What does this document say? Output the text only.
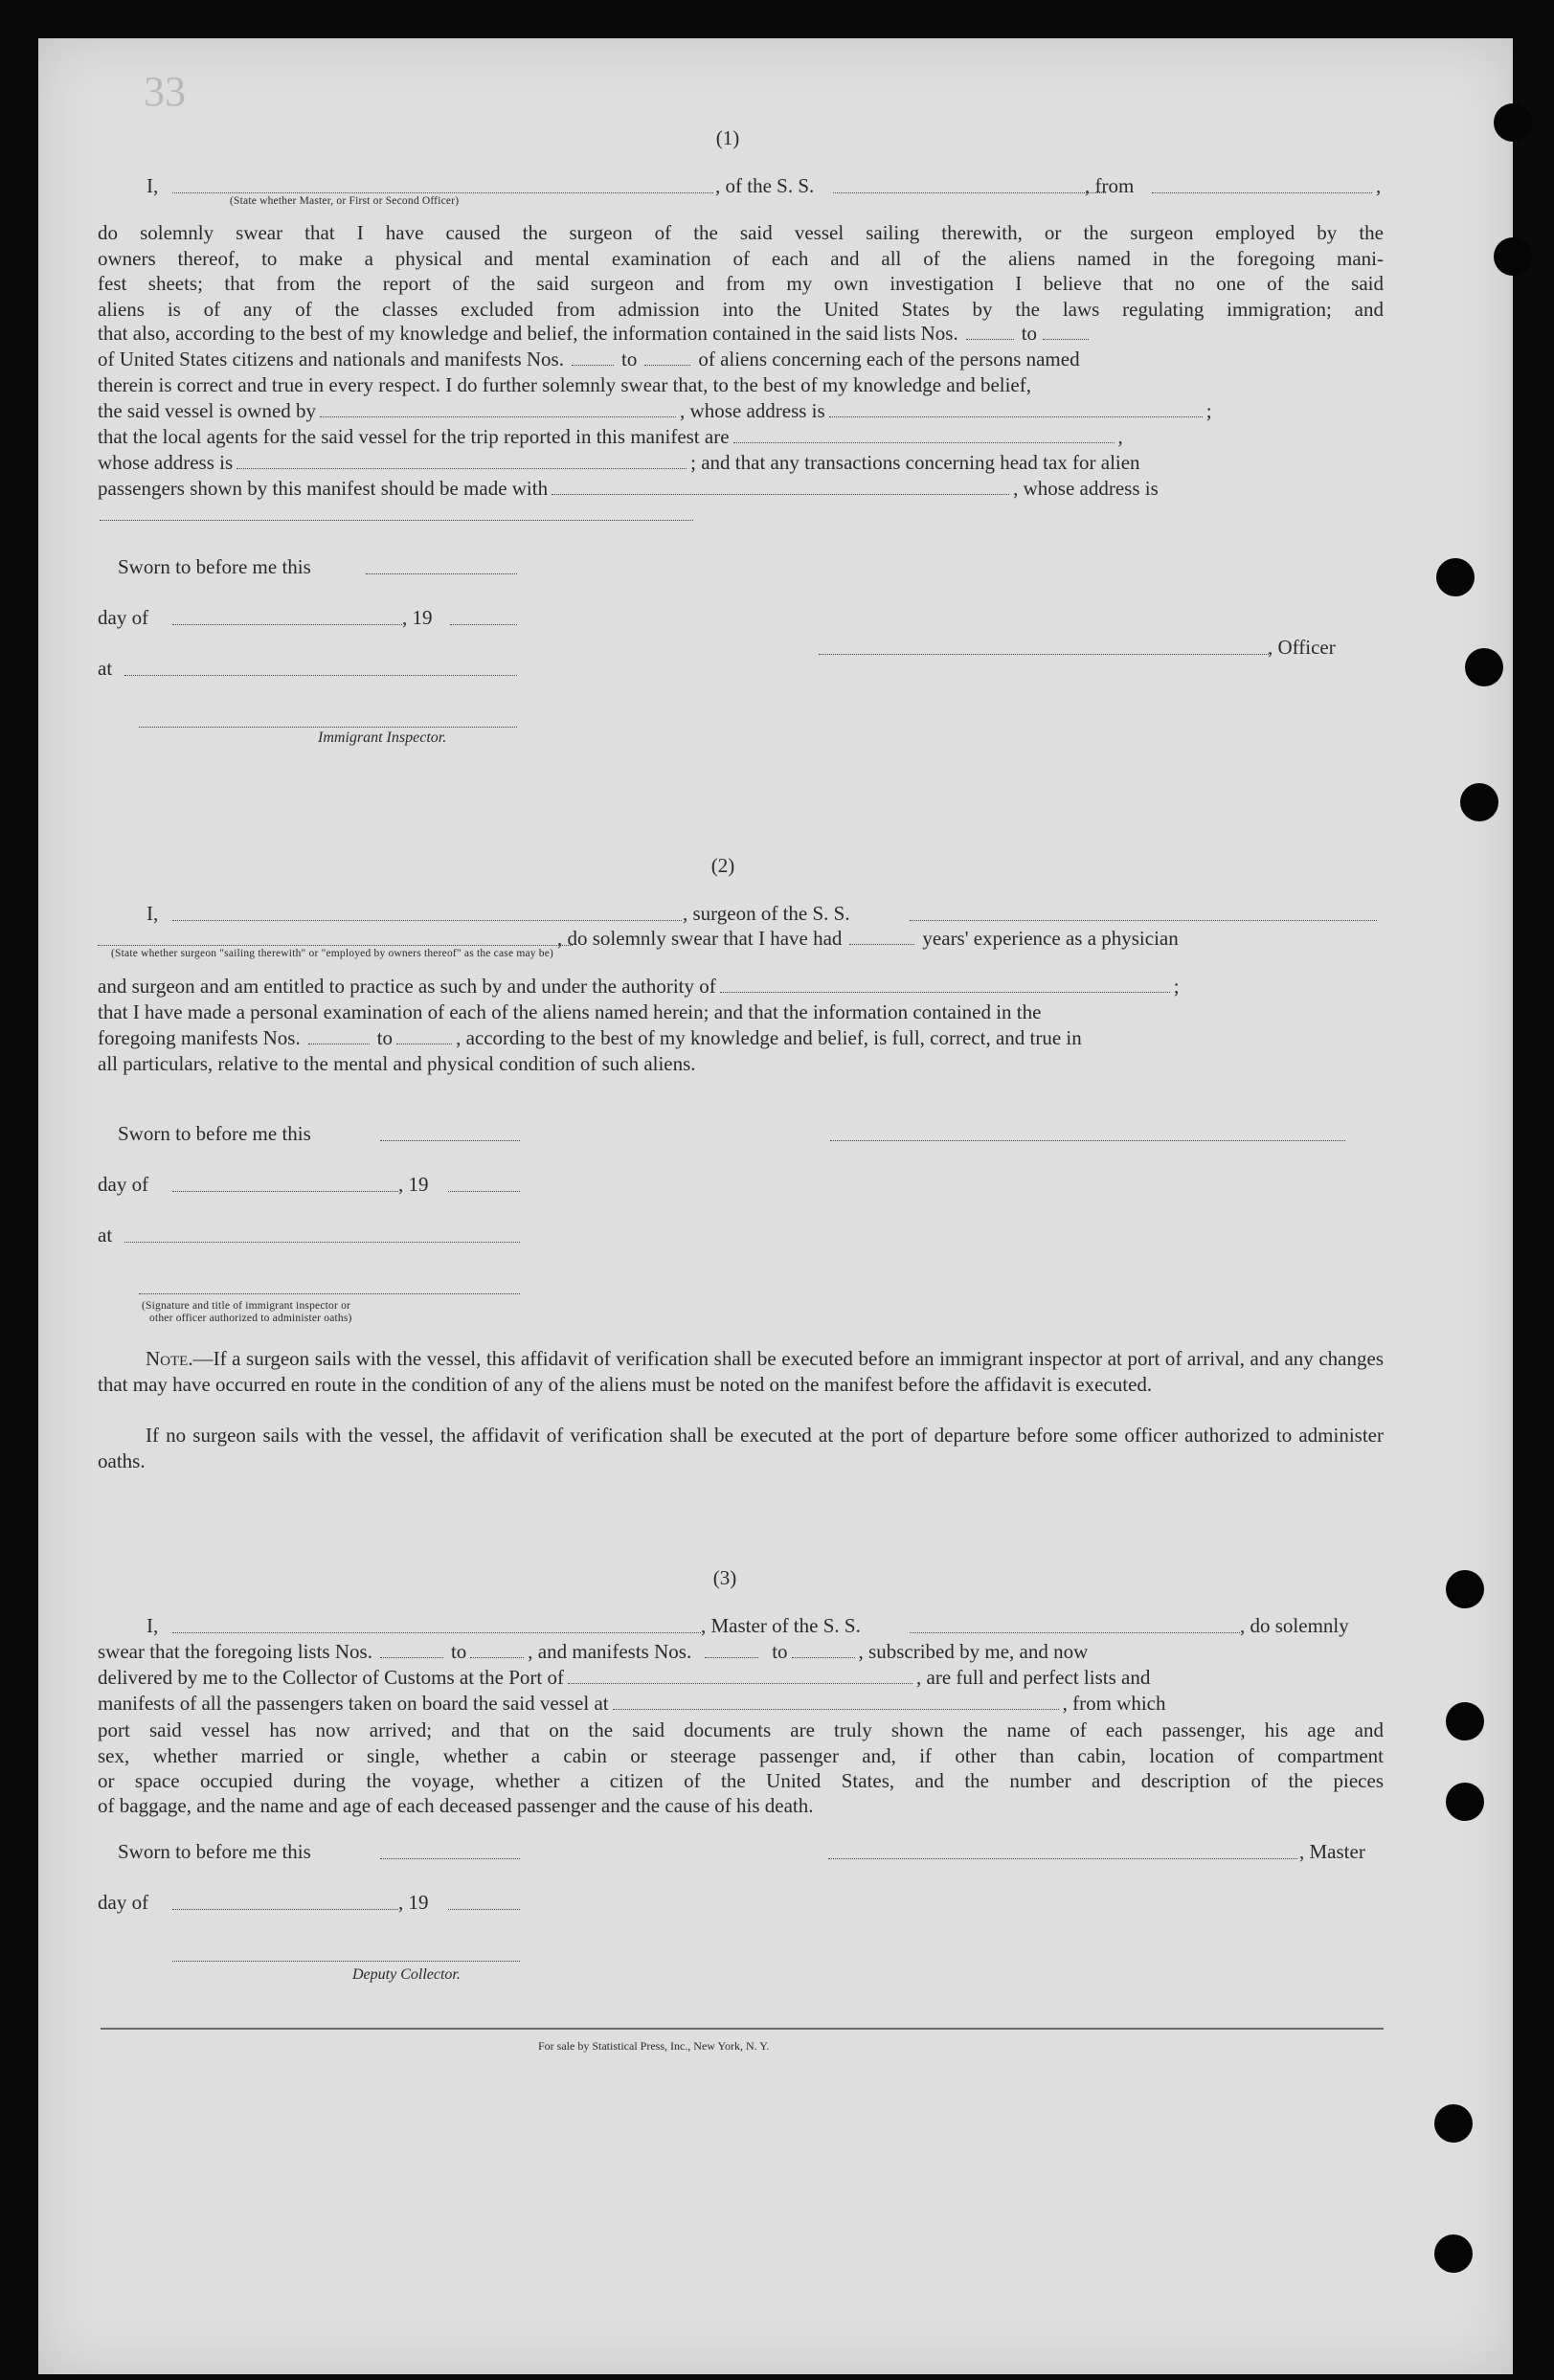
33
(1)
I,	, of the S. S.	, from	,
(State whether Master, or First or Second Officer)
do solemnly swear that I have caused the surgeon of the said vessel sailing therewith, or the surgeon employed by the
owners thereof, to make a physical and mental examination of each and all of the aliens named in the foregoing mani-
fest sheets; that from the report of the said surgeon and from my own investigation I believe that no one of the said
aliens is of any of the classes excluded from admission into the United States by the laws regulating immigration; and
that also, according to the best of my knowledge and belief, the information contained in the said lists Nos.	to
of United States citizens and nationals and manifests Nos.	to	of aliens concerning each of the persons named
therein is correct and true in every respect. I do further solemnly swear that, to the best of my knowledge and belief,
the said vessel is owned by	, whose address is	;
that the local agents for the said vessel for the trip reported in this manifest are	,
whose address is	; and that any transactions concerning head tax for alien
passengers shown by this manifest should be made with	, whose address is
Sworn to before me this
day of	, 19
at
, Officer
Immigrant Inspector.
(2)
I,	, surgeon of the S. S.
, do solemnly swear that I have had	years' experience as a physician
(State whether surgeon "sailing therewith" or "employed by owners thereof" as the case may be)
and surgeon and am entitled to practice as such by and under the authority of	;
that I have made a personal examination of each of the aliens named herein; and that the information contained in the
foregoing manifests Nos.	to	, according to the best of my knowledge and belief, is full, correct, and true in
all particulars, relative to the mental and physical condition of such aliens.
Sworn to before me this
day of	, 19
at
(Signature and title of immigrant inspector or
other officer authorized to administer oaths)
Note.—If a surgeon sails with the vessel, this affidavit of verification shall be executed before an immigrant inspector at port of arrival, and any changes that may have occurred en route in the condition of any of the aliens must be noted on the manifest before the affidavit is executed.
If no surgeon sails with the vessel, the affidavit of verification shall be executed at the port of departure before some officer authorized to administer oaths.
(3)
I,	, Master of the S. S.	, do solemnly
swear that the foregoing lists Nos.	to	, and manifests Nos.	to	, subscribed by me, and now
delivered by me to the Collector of Customs at the Port of	, are full and perfect lists and
manifests of all the passengers taken on board the said vessel at	, from which
port said vessel has now arrived; and that on the said documents are truly shown the name of each passenger, his age and
sex, whether married or single, whether a cabin or steerage passenger and, if other than cabin, location of compartment
or space occupied during the voyage, whether a citizen of the United States, and the number and description of the pieces
of baggage, and the name and age of each deceased passenger and the cause of his death.
Sworn to before me this	, Master
day of	, 19
Deputy Collector.
For sale by Statistical Press, Inc., New York, N. Y.
